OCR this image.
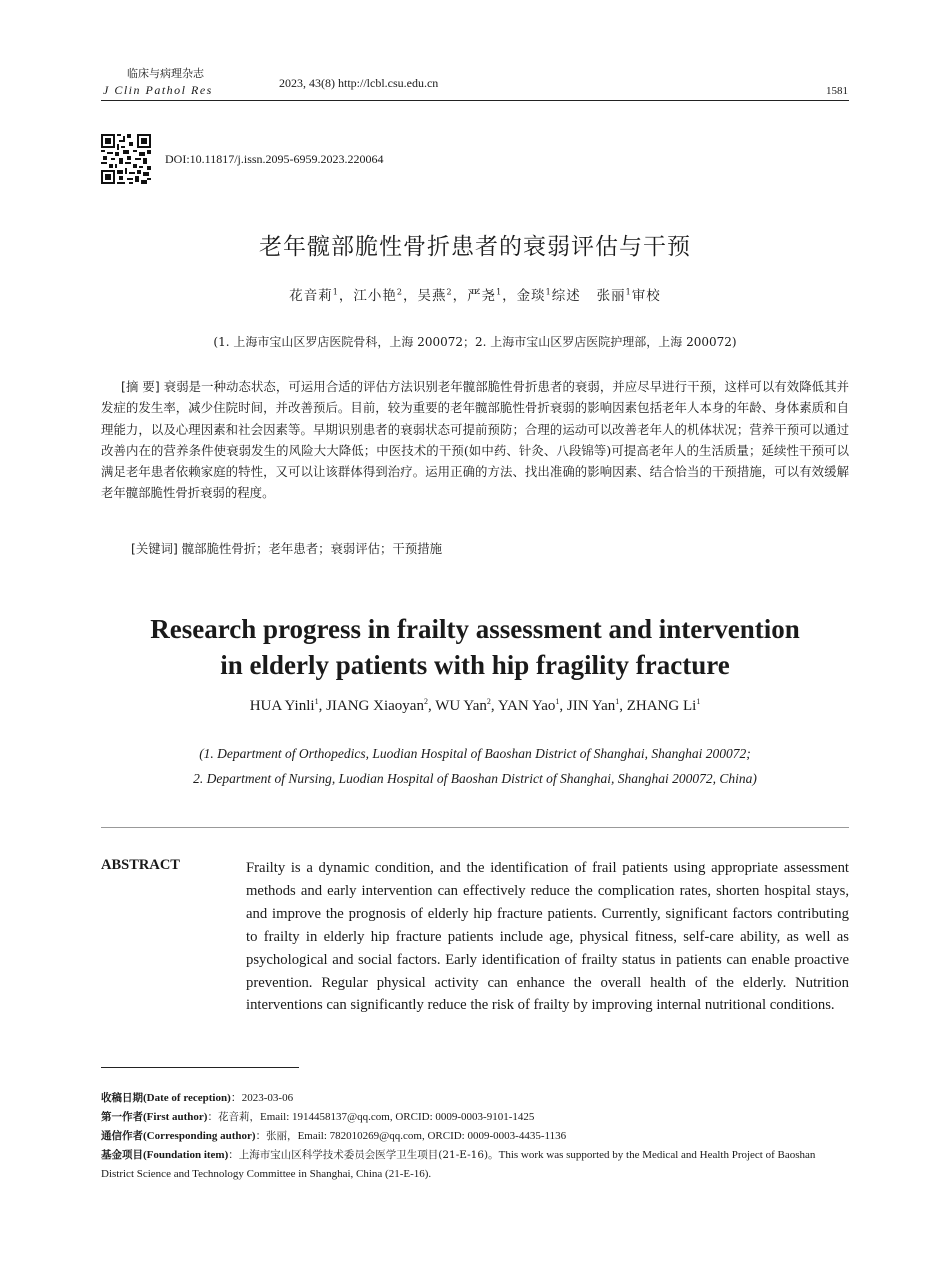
临床与病理杂志
J Clin Pathol Res	2023, 43(8) http://lcbl.csu.edu.cn
1581
DOI:10.11817/j.issn.2095-6959.2023.220064
老年髋部脆性骨折患者的衰弱评估与干预
花音莉$^1$，江小艳$^2$，吴燕$^2$，严尧$^1$，金琰$^1$综述 张丽$^1$审校
(1. 上海市宝山区罗店医院骨科，上海 200072；2. 上海市宝山区罗店医院护理部，上海 200072)
[摘 要] 衰弱是一种动态状态，可运用合适的评估方法识别老年髋部脆性骨折患者的衰弱，并应尽早进行干预，这样可以有效降低其并发症的发生率，减少住院时间，并改善预后。目前，较为重要的老年髋部脆性骨折衰弱的影响因素包括老年人本身的年龄、身体素质和自理能力，以及心理因素和社会因素等。早期识别患者的衰弱状态可提前预防；合理的运动可以改善老年人的机体状况；营养干预可以通过改善内在的营养条件使衰弱发生的风险大大降低；中医技术的干预(如中药、针灸、八段锦等)可提高老年人的生活质量；延续性干预可以满足老年患者依赖家庭的特性，又可以让该群体得到治疗。运用正确的方法、找出准确的影响因素、结合恰当的干预措施，可以有效缓解老年髋部脆性骨折衰弱的程度。
[关键词] 髋部脆性骨折；老年患者；衰弱评估；干预措施
Research progress in frailty assessment and intervention
in elderly patients with hip fragility fracture
HUA Yinli$^1$, JIANG Xiaoyan$^2$, WU Yan$^2$, YAN Yao$^1$, JIN Yan$^1$, ZHANG Li$^1$
(1. Department of Orthopedics, Luodian Hospital of Baoshan District of Shanghai, Shanghai 200072;
2. Department of Nursing, Luodian Hospital of Baoshan District of Shanghai, Shanghai 200072, China)
ABSTRACT	Frailty is a dynamic condition, and the identification of frail patients using appropriate assessment methods and early intervention can effectively reduce the complication rates, shorten hospital stays, and improve the prognosis of elderly hip fracture patients. Currently, significant factors contributing to frailty in elderly hip fracture patients include age, physical fitness, self-care ability, as well as psychological and social factors. Early identification of frailty status in patients can enable proactive prevention. Regular physical activity can enhance the overall health of the elderly. Nutrition interventions can significantly reduce the risk of frailty by improving internal nutritional conditions.
收稿日期(Date of reception)：2023-03-06
第一作者(First author)：花音莉，Email: 1914458137@qq.com, ORCID: 0009-0003-9101-1425
通信作者(Corresponding author)：张丽，Email: 782010269@qq.com, ORCID: 0009-0003-4435-1136
基金项目(Foundation item)：上海市宝山区科学技术委员会医学卫生项目(21-E-16)。This work was supported by the Medical and Health Project of Baoshan District Science and Technology Committee in Shanghai, China (21-E-16).
